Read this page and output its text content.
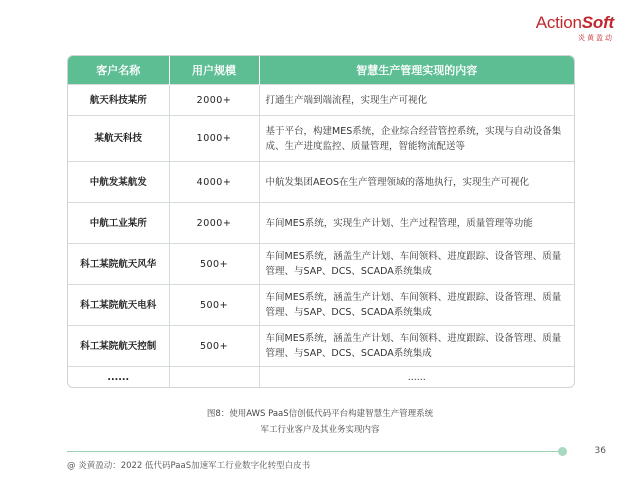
ActionSoft
炎黄盈动
客户名称	用户规模	智慧生产管理实现的内容
航天科技某所	2000+	打通生产端到端流程，实现生产可视化
某航天科技	1000+	基于平台，构建MES系统，企业综合经营管控系统，实现与自动设备集成、生产进度监控、质量管理，智能物流配送等
中航发某航发	4000+	中航发集团AEOS在生产管理领域的落地执行，实现生产可视化
中航工业某所	2000+	车间MES系统，实现生产计划、生产过程管理，质量管理等功能
科工某院航天风华	500+	车间MES系统，涵盖生产计划、车间领料、进度跟踪、设备管理、质量管理、与SAP、DCS、SCADA系统集成
科工某院航天电科	500+	车间MES系统，涵盖生产计划、车间领料、进度跟踪、设备管理、质量管理、与SAP、DCS、SCADA系统集成
科工某院航天控制	500+	车间MES系统，涵盖生产计划、车间领料、进度跟踪、设备管理、质量管理、与SAP、DCS、SCADA系统集成
......		......
图8：使用AWS PaaS信创低代码平台构建智慧生产管理系统
军工行业客户及其业务实现内容
36
@ 炎黄盈动：2022 低代码PaaS加速军工行业数字化转型白皮书
